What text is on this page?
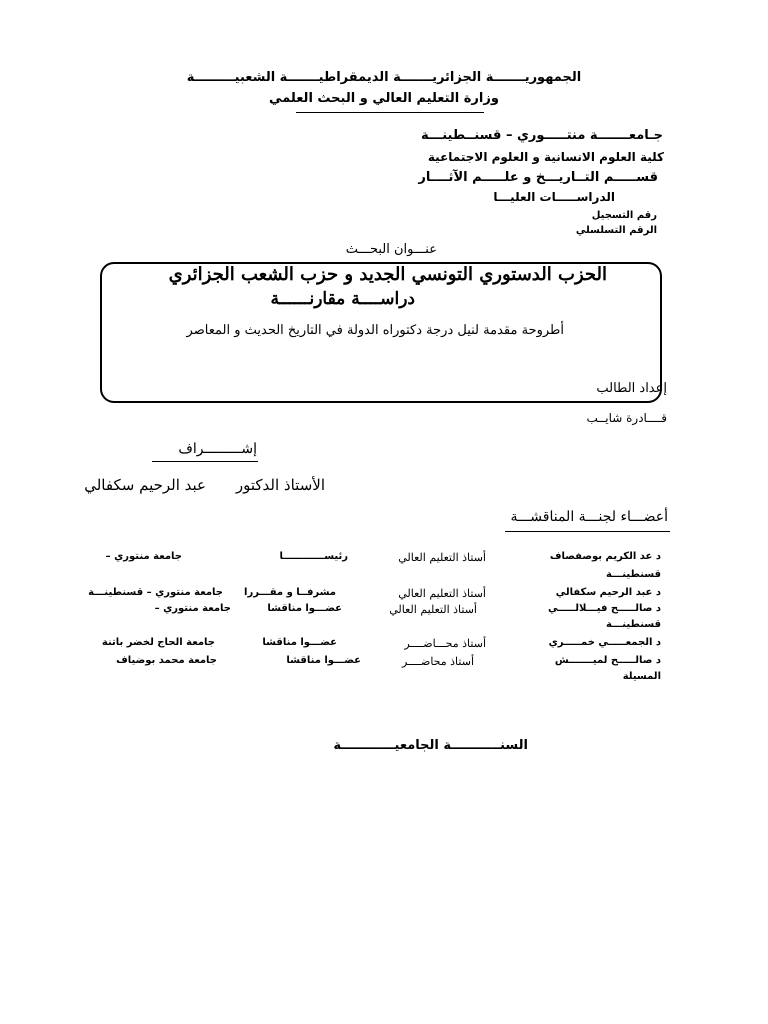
الجمهوريـــــــة الجزائريـــــــة الديمقراطيـــــــة الشعبيـــــــــة
وزارة التعليم العالي و البحث العلمي
جـامعـــــــة منتـــــوري – قسنــطينـــة
كلية العلوم الانسانية و العلوم الاجتماعية
قســـــم التــاريـــخ و علـــــم الآثــــار
الدراســـــات العليـــا
رقم التسجيل
الرقم التسلسلي
عنـــوان البحـــث
الحزب الدستوري التونسي الجديد و حزب الشعب الجزائري
دراســــة مقارنــــــة
أطروحة مقدمة لنيل درجة دكتوراه الدولة في التاريخ الحديث و المعاصر
إعداد الطالب
قــــادرة شايــب
إشـــــــــراف
الأستاذ الدكتور
عبد الرحيم سكفالي
أعضـــاء لجنـــة المناقشـــة
د عد الكريم بوصفصاف
قسنطينـــة
أستاذ التعليم العالي
رئيســــــــــــا
جامعة منتوري –
د عبد الرحيم سكفالي
أستاذ التعليم العالي
مشرفــا و مقـــررا
جامعة منتوري – قسنطينـــة
د صالـــــح فيـــلالـــــي
قسنطينـــة
أستاذ التعليم العالي
عضـــوا مناقشا
جامعة منتوري –
د الجمعـــــي خمـــــري
أستاذ محـــاضــــر
عضـــوا مناقشا
جامعة الحاج لخضر باتنة
د صالـــــح لميـــــــش
المسيلة
أستاذ محاضــــر
عضـــوا مناقشا
جامعة محمد بوضياف
السنـــــــــــة الجامعيــــــــــــة
